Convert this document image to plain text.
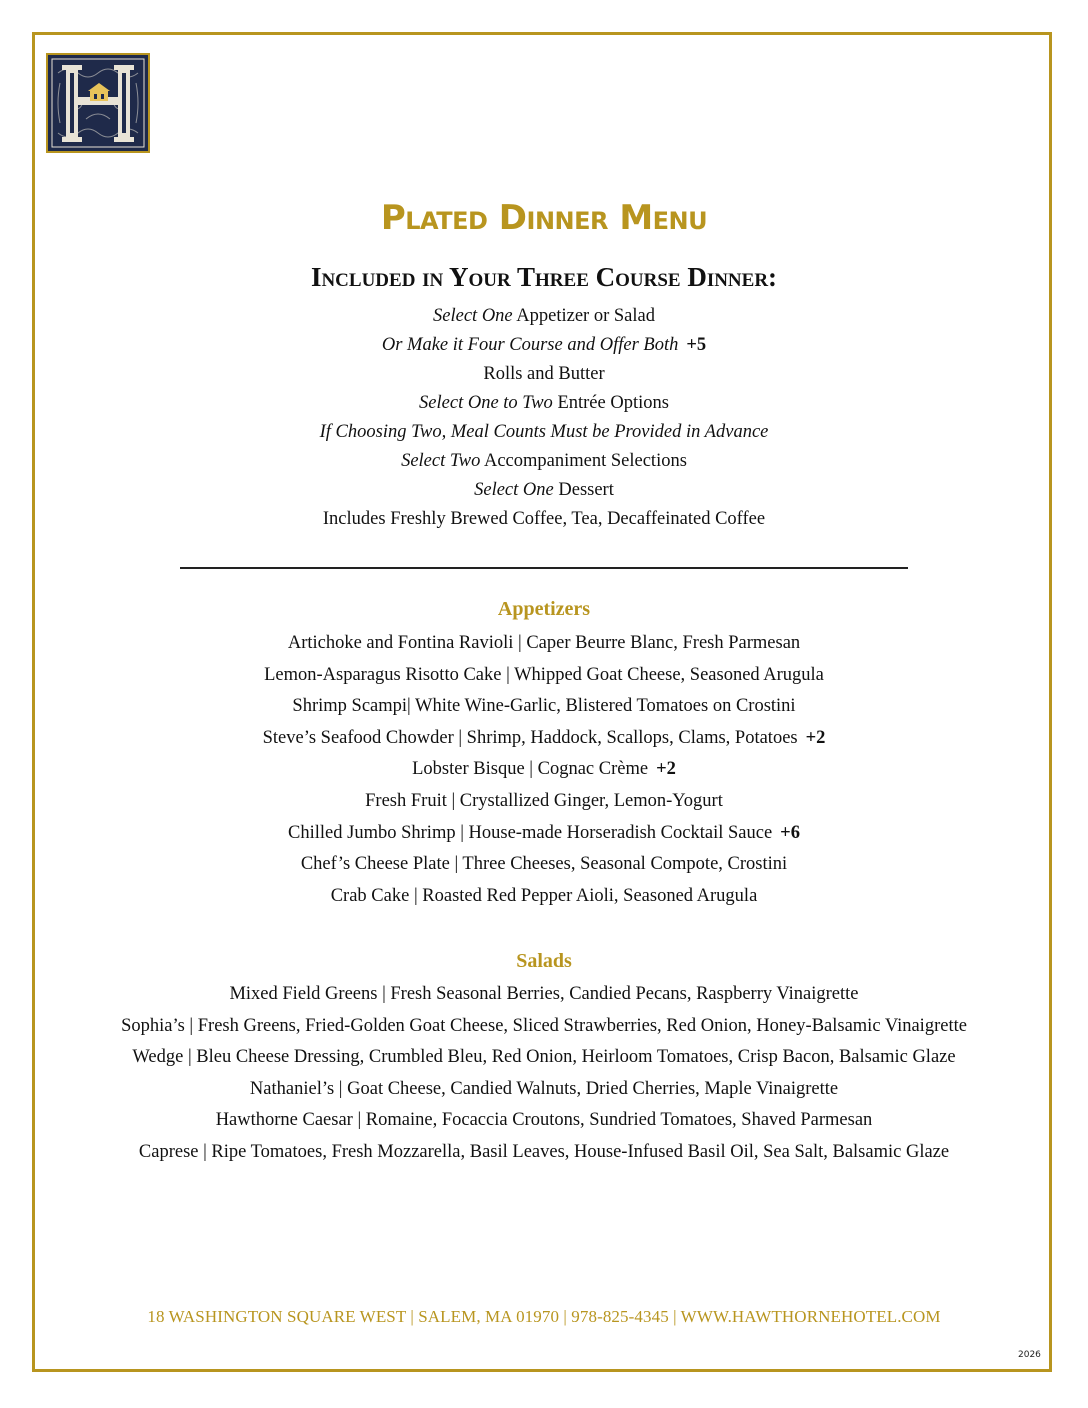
Plated Dinner Menu
Included in Your Three Course Dinner:
Select One Appetizer or Salad
Or Make it Four Course and Offer Both +5
Rolls and Butter
Select One to Two Entrée Options
If Choosing Two, Meal Counts Must be Provided in Advance
Select Two Accompaniment Selections
Select One Dessert
Includes Freshly Brewed Coffee, Tea, Decaffeinated Coffee
Appetizers
Artichoke and Fontina Ravioli | Caper Beurre Blanc, Fresh Parmesan
Lemon-Asparagus Risotto Cake | Whipped Goat Cheese, Seasoned Arugula
Shrimp Scampi| White Wine-Garlic, Blistered Tomatoes on Crostini
Steve’s Seafood Chowder | Shrimp, Haddock, Scallops, Clams, Potatoes +2
Lobster Bisque | Cognac Crème +2
Fresh Fruit | Crystallized Ginger, Lemon-Yogurt
Chilled Jumbo Shrimp | House-made Horseradish Cocktail Sauce +6
Chef’s Cheese Plate | Three Cheeses, Seasonal Compote, Crostini
Crab Cake | Roasted Red Pepper Aioli, Seasoned Arugula
Salads
Mixed Field Greens | Fresh Seasonal Berries, Candied Pecans, Raspberry Vinaigrette
Sophia’s | Fresh Greens, Fried-Golden Goat Cheese, Sliced Strawberries, Red Onion, Honey-Balsamic Vinaigrette
Wedge | Bleu Cheese Dressing, Crumbled Bleu, Red Onion, Heirloom Tomatoes, Crisp Bacon, Balsamic Glaze
Nathaniel’s | Goat Cheese, Candied Walnuts, Dried Cherries, Maple Vinaigrette
Hawthorne Caesar | Romaine, Focaccia Croutons, Sundried Tomatoes, Shaved Parmesan
Caprese | Ripe Tomatoes, Fresh Mozzarella, Basil Leaves, House-Infused Basil Oil, Sea Salt, Balsamic Glaze
18 WASHINGTON SQUARE WEST | SALEM, MA 01970 | 978-825-4345 | WWW.HAWTHORNEHOTEL.COM
2026
